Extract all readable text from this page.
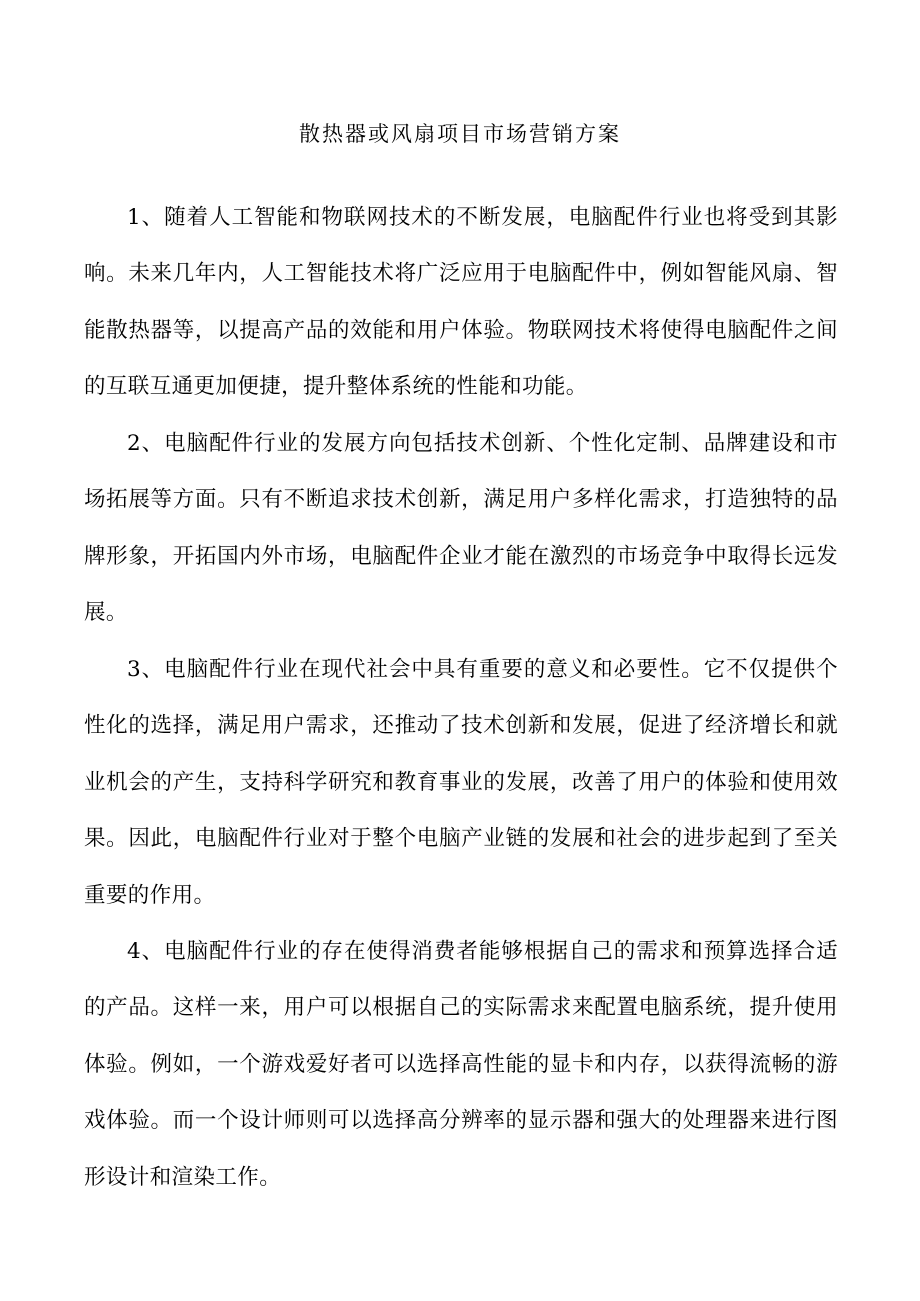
散热器或风扇项目市场营销方案

1、随着人工智能和物联网技术的不断发展，电脑配件行业也将受到其影响。未来几年内，人工智能技术将广泛应用于电脑配件中，例如智能风扇、智能散热器等，以提高产品的效能和用户体验。物联网技术将使得电脑配件之间的互联互通更加便捷，提升整体系统的性能和功能。

2、电脑配件行业的发展方向包括技术创新、个性化定制、品牌建设和市场拓展等方面。只有不断追求技术创新，满足用户多样化需求，打造独特的品牌形象，开拓国内外市场，电脑配件企业才能在激烈的市场竞争中取得长远发展。

3、电脑配件行业在现代社会中具有重要的意义和必要性。它不仅提供个性化的选择，满足用户需求，还推动了技术创新和发展，促进了经济增长和就业机会的产生，支持科学研究和教育事业的发展，改善了用户的体验和使用效果。因此，电脑配件行业对于整个电脑产业链的发展和社会的进步起到了至关重要的作用。

4、电脑配件行业的存在使得消费者能够根据自己的需求和预算选择合适的产品。这样一来，用户可以根据自己的实际需求来配置电脑系统，提升使用体验。例如，一个游戏爱好者可以选择高性能的显卡和内存，以获得流畅的游戏体验。而一个设计师则可以选择高分辨率的显示器和强大的处理器来进行图形设计和渲染工作。
